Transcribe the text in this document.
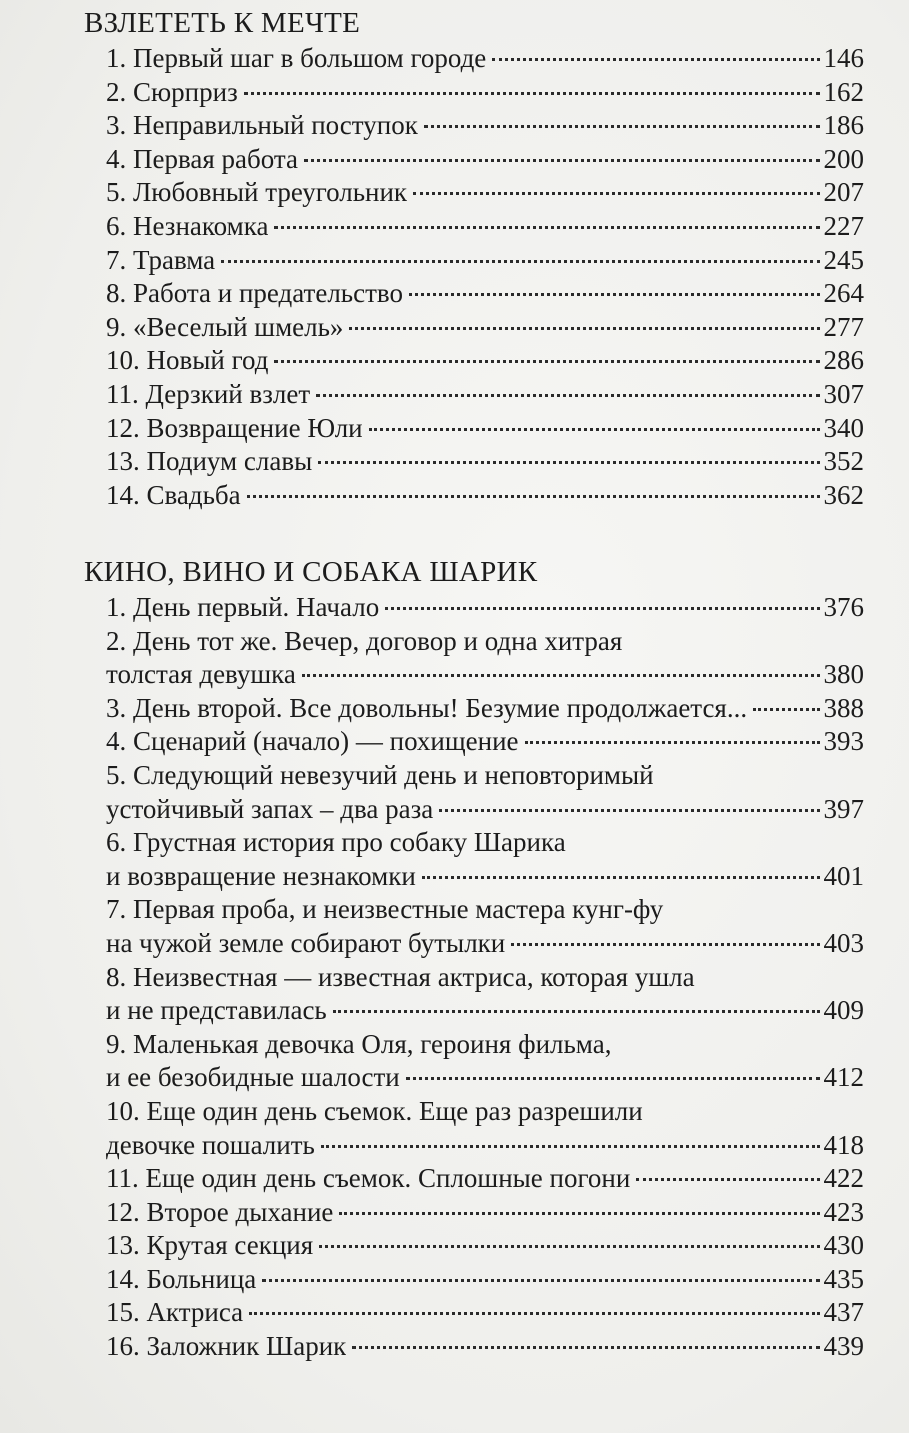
ВЗЛЕТЕТЬ К МЕЧТЕ
1. Первый шаг в большом городе	146
2. Сюрприз	162
3. Неправильный поступок	186
4. Первая работа	200
5. Любовный треугольник	207
6. Незнакомка	227
7. Травма	245
8. Работа и предательство	264
9. «Веселый шмель»	277
10. Новый год	286
11. Дерзкий взлет	307
12. Возвращение Юли	340
13. Подиум славы	352
14. Свадьба	362
КИНО, ВИНО И СОБАКА ШАРИК
1. День первый. Начало	376
2. День тот же. Вечер, договор и одна хитрая
толстая девушка	380
3. День второй. Все довольны! Безумие продолжается...	388
4. Сценарий (начало) — похищение	393
5. Следующий невезучий день и неповторимый
устойчивый запах – два раза	397
6. Грустная история про собаку Шарика
и возвращение незнакомки	401
7. Первая проба, и неизвестные мастера кунг-фу
на чужой земле собирают бутылки	403
8. Неизвестная — известная актриса, которая ушла
и не представилась	409
9. Маленькая девочка Оля, героиня фильма,
и ее безобидные шалости	412
10. Еще один день съемок. Еще раз разрешили
девочке пошалить	418
11. Еще один день съемок. Сплошные погони	422
12. Второе дыхание	423
13. Крутая секция	430
14. Больница	435
15. Актриса	437
16. Заложник Шарик	439
